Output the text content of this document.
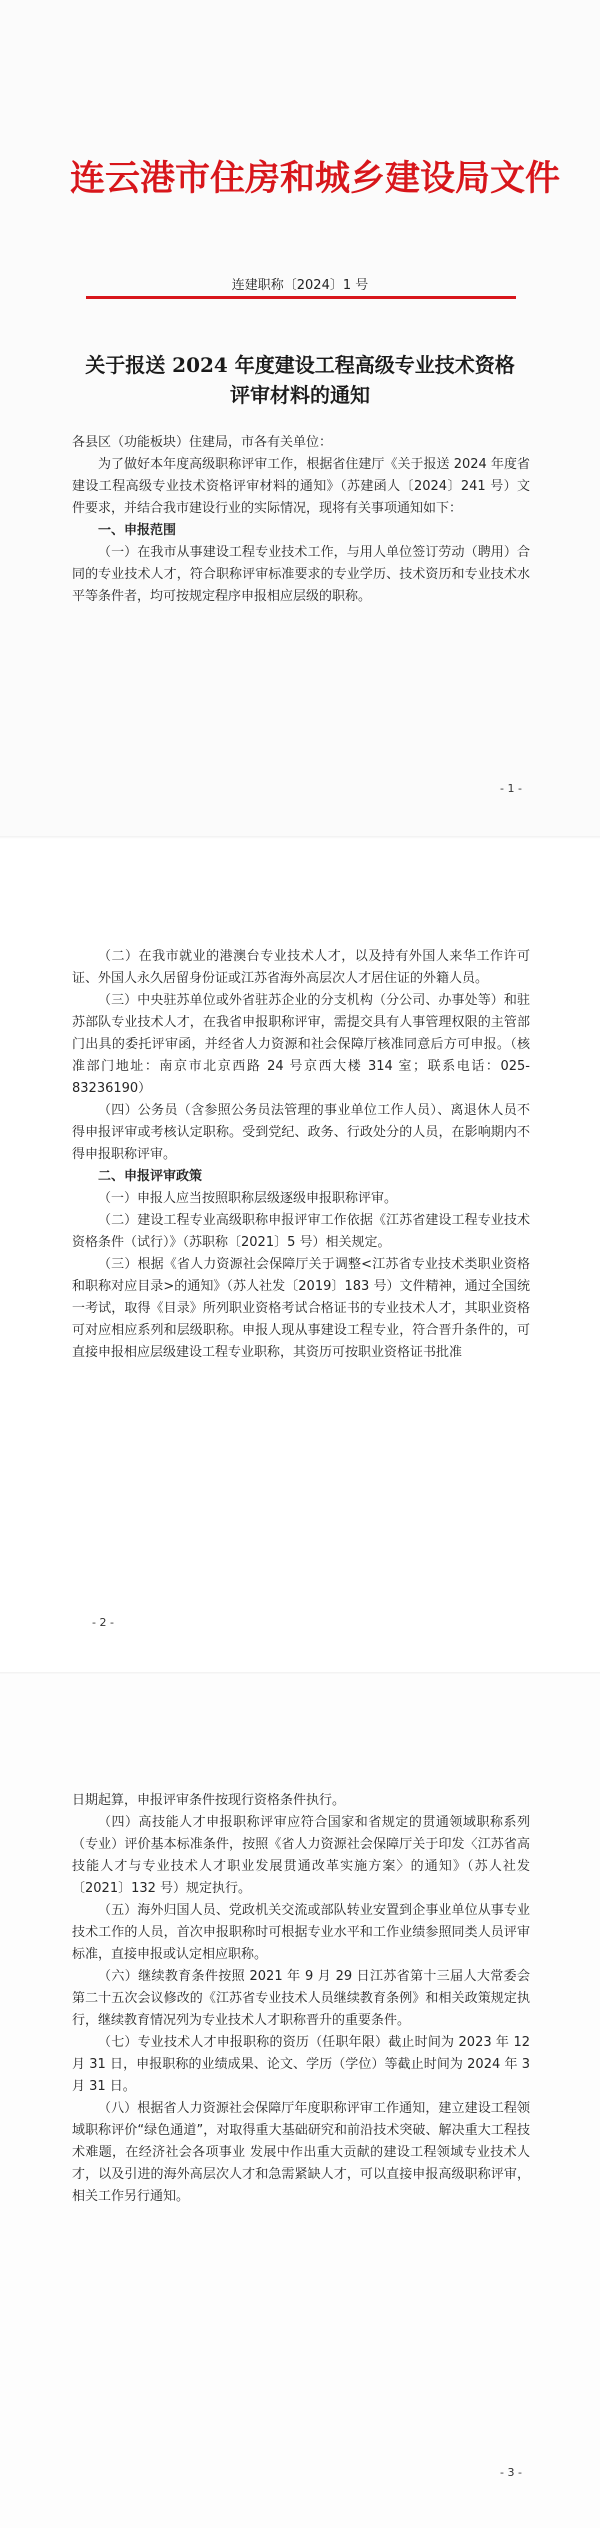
连云港市住房和城乡建设局文件
连建职称〔2024〕1 号
关于报送 2024 年度建设工程高级专业技术资格
评审材料的通知

各县区（功能板块）住建局，市各有关单位：

为了做好本年度高级职称评审工作，根据省住建厅《关于报送 2024 年度省建设工程高级专业技术资格评审材料的通知》（苏建函人〔2024〕241 号）文件要求，并结合我市建设行业的实际情况，现将有关事项通知如下：

一、申报范围

（一）在我市从事建设工程专业技术工作，与用人单位签订劳动（聘用）合同的专业技术人才，符合职称评审标准要求的专业学历、技术资历和专业技术水平等条件者，均可按规定程序申报相应层级的职称。

- 1 -

（二）在我市就业的港澳台专业技术人才，以及持有外国人来华工作许可证、外国人永久居留身份证或江苏省海外高层次人才居住证的外籍人员。

（三）中央驻苏单位或外省驻苏企业的分支机构（分公司、办事处等）和驻苏部队专业技术人才，在我省申报职称评审，需提交具有人事管理权限的主管部门出具的委托评审函，并经省人力资源和社会保障厅核准同意后方可申报。（核准部门地址：南京市北京西路 24 号京西大楼 314 室；联系电话：025-83236190）

（四）公务员（含参照公务员法管理的事业单位工作人员）、离退休人员不得申报评审或考核认定职称。受到党纪、政务、行政处分的人员，在影响期内不得申报职称评审。

二、申报评审政策

（一）申报人应当按照职称层级逐级申报职称评审。

（二）建设工程专业高级职称申报评审工作依据《江苏省建设工程专业技术资格条件（试行）》（苏职称〔2021〕5 号）相关规定。

（三）根据《省人力资源社会保障厅关于调整<江苏省专业技术类职业资格和职称对应目录>的通知》（苏人社发〔2019〕183 号）文件精神，通过全国统一考试，取得《目录》所列职业资格考试合格证书的专业技术人才，其职业资格可对应相应系列和层级职称。申报人现从事建设工程专业，符合晋升条件的，可直接申报相应层级建设工程专业职称，其资历可按职业资格证书批准

- 2 -

日期起算，申报评审条件按现行资格条件执行。

（四）高技能人才申报职称评审应符合国家和省规定的贯通领域职称系列（专业）评价基本标准条件，按照《省人力资源社会保障厅关于印发〈江苏省高技能人才与专业技术人才职业发展贯通改革实施方案〉的通知》（苏人社发〔2021〕132 号）规定执行。

（五）海外归国人员、党政机关交流或部队转业安置到企事业单位从事专业技术工作的人员，首次申报职称时可根据专业水平和工作业绩参照同类人员评审标准，直接申报或认定相应职称。

（六）继续教育条件按照 2021 年 9 月 29 日江苏省第十三届人大常委会第二十五次会议修改的《江苏省专业技术人员继续教育条例》和相关政策规定执行，继续教育情况列为专业技术人才职称晋升的重要条件。

（七）专业技术人才申报职称的资历（任职年限）截止时间为 2023 年 12 月 31 日，申报职称的业绩成果、论文、学历（学位）等截止时间为 2024 年 3 月 31 日。

（八）根据省人力资源社会保障厅年度职称评审工作通知，建立建设工程领域职称评价“绿色通道”，对取得重大基础研究和前沿技术突破、解决重大工程技术难题，在经济社会各项事业 发展中作出重大贡献的建设工程领域专业技术人才，以及引进的海外高层次人才和急需紧缺人才，可以直接申报高级职称评审，相关工作另行通知。

- 3 -
